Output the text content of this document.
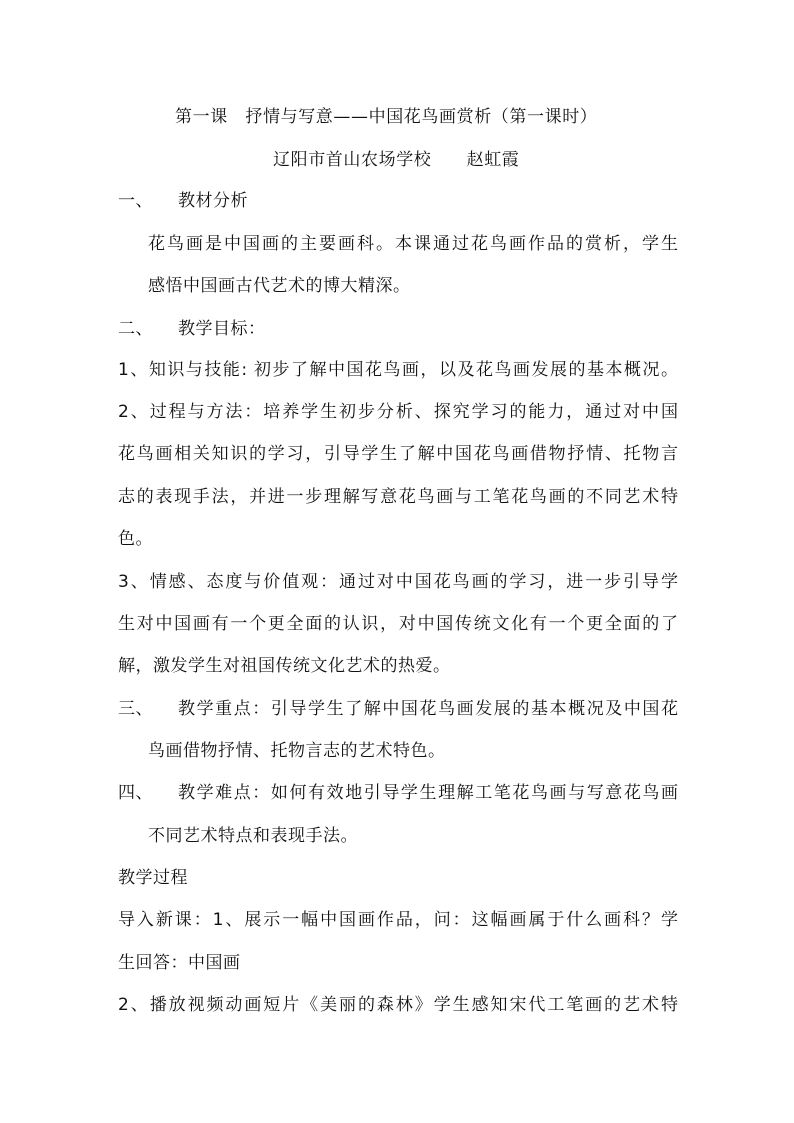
第一课　抒情与写意——中国花鸟画赏析（第一课时）
辽阳市首山农场学校　　赵虹霞
一、 教材分析
花鸟画是中国画的主要画科。本课通过花鸟画作品的赏析，学生
感悟中国画古代艺术的博大精深。
二、 教学目标：
1、知识与技能: 初步了解中国花鸟画，以及花鸟画发展的基本概况。
2、过程与方法：培养学生初步分析、探究学习的能力，通过对中国
花鸟画相关知识的学习，引导学生了解中国花鸟画借物抒情、托物言
志的表现手法，并进一步理解写意花鸟画与工笔花鸟画的不同艺术特
色。
3、情感、态度与价值观：通过对中国花鸟画的学习，进一步引导学
生对中国画有一个更全面的认识，对中国传统文化有一个更全面的了
解，激发学生对祖国传统文化艺术的热爱。
三、 教学重点：引导学生了解中国花鸟画发展的基本概况及中国花
鸟画借物抒情、托物言志的艺术特色。
四、 教学难点：如何有效地引导学生理解工笔花鸟画与写意花鸟画
不同艺术特点和表现手法。
教学过程
导入新课：1、展示一幅中国画作品，问：这幅画属于什么画科？学
生回答：中国画
2、播放视频动画短片《美丽的森林》学生感知宋代工笔画的艺术特
